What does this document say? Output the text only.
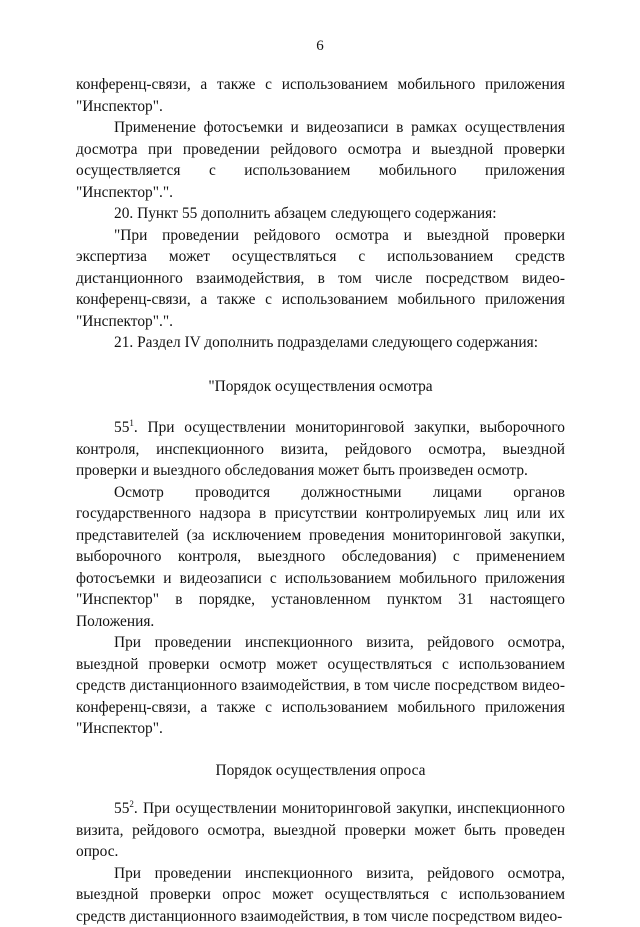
6

конференц-связи, а также с использованием мобильного приложения "Инспектор".

Применение фотосъемки и видеозаписи в рамках осуществления досмотра при проведении рейдового осмотра и выездной проверки осуществляется с использованием мобильного приложения "Инспектор".".

20. Пункт 55 дополнить абзацем следующего содержания:

"При проведении рейдового осмотра и выездной проверки экспертиза может осуществляться с использованием средств дистанционного взаимодействия, в том числе посредством видео-конференц-связи, а также с использованием мобильного приложения "Инспектор".".

21. Раздел IV дополнить подразделами следующего содержания:

"Порядок осуществления осмотра

$55^1$. При осуществлении мониторинговой закупки, выборочного контроля, инспекционного визита, рейдового осмотра, выездной проверки и выездного обследования может быть произведен осмотр.

Осмотр проводится должностными лицами органов государственного надзора в присутствии контролируемых лиц или их представителей (за исключением проведения мониторинговой закупки, выборочного контроля, выездного обследования) с применением фотосъемки и видеозаписи с использованием мобильного приложения "Инспектор" в порядке, установленном пунктом 31 настоящего Положения.

При проведении инспекционного визита, рейдового осмотра, выездной проверки осмотр может осуществляться с использованием средств дистанционного взаимодействия, в том числе посредством видео-конференц-связи, а также с использованием мобильного приложения "Инспектор".

Порядок осуществления опроса

$55^2$. При осуществлении мониторинговой закупки, инспекционного визита, рейдового осмотра, выездной проверки может быть проведен опрос.

При проведении инспекционного визита, рейдового осмотра, выездной проверки опрос может осуществляться с использованием средств дистанционного взаимодействия, в том числе посредством видео-
